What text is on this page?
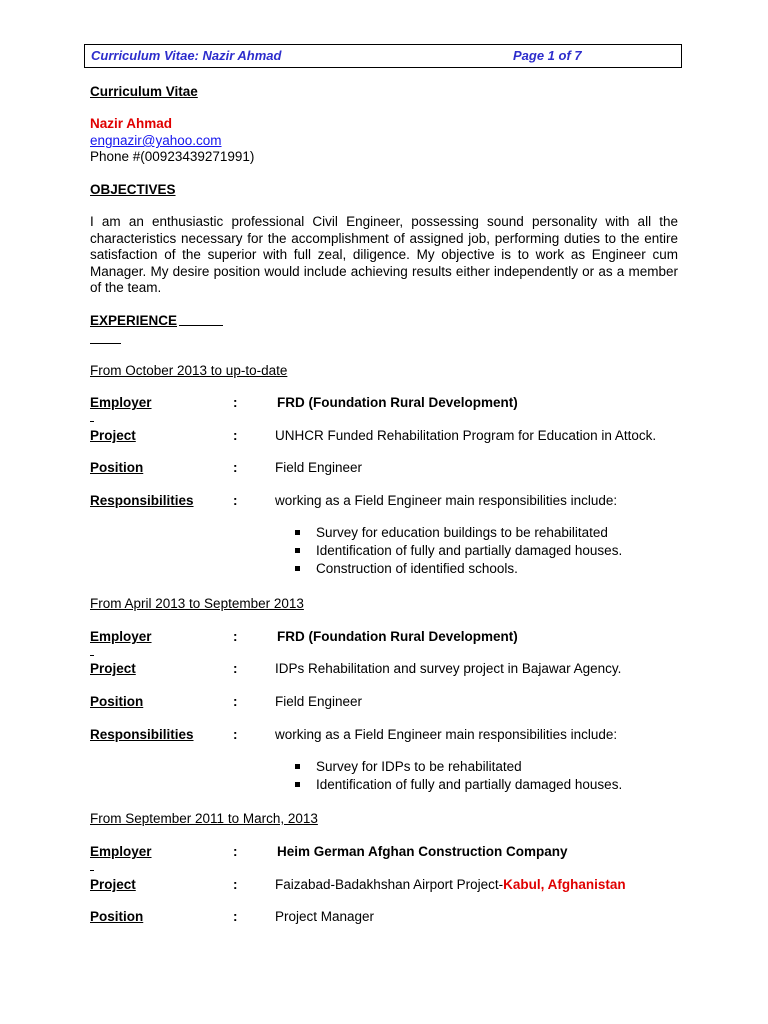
Curriculum Vitae: Nazir Ahmad	Page 1 of 7
Curriculum Vitae
Nazir Ahmad
engnazir@yahoo.com
Phone #(00923439271991)
OBJECTIVES
I am an enthusiastic professional Civil Engineer, possessing sound personality with all the characteristics necessary for the accomplishment of assigned job, performing duties to the entire satisfaction of the superior with full zeal, diligence. My objective is to work as Engineer cum Manager. My desire position would include achieving results either independently or as a member of the team.
EXPERIENCE
From October 2013 to up-to-date
Employer	:	FRD (Foundation Rural Development)
Project	:	UNHCR Funded Rehabilitation Program for Education in Attock.
Position	:	Field Engineer
Responsibilities	:	working as a Field Engineer main responsibilities include:
Survey for education buildings to be rehabilitated
Identification of fully and partially damaged houses.
Construction of identified schools.
From April 2013 to September 2013
Employer	:	FRD (Foundation Rural Development)
Project	:	IDPs Rehabilitation and survey project in Bajawar Agency.
Position	:	Field Engineer
Responsibilities	:	working as a Field Engineer main responsibilities include:
Survey for IDPs to be rehabilitated
Identification of fully and partially damaged houses.
From September 2011 to March, 2013
Employer	:	Heim German Afghan Construction Company
Project	:	Faizabad-Badakhshan Airport Project-Kabul, Afghanistan
Position	:	Project Manager
